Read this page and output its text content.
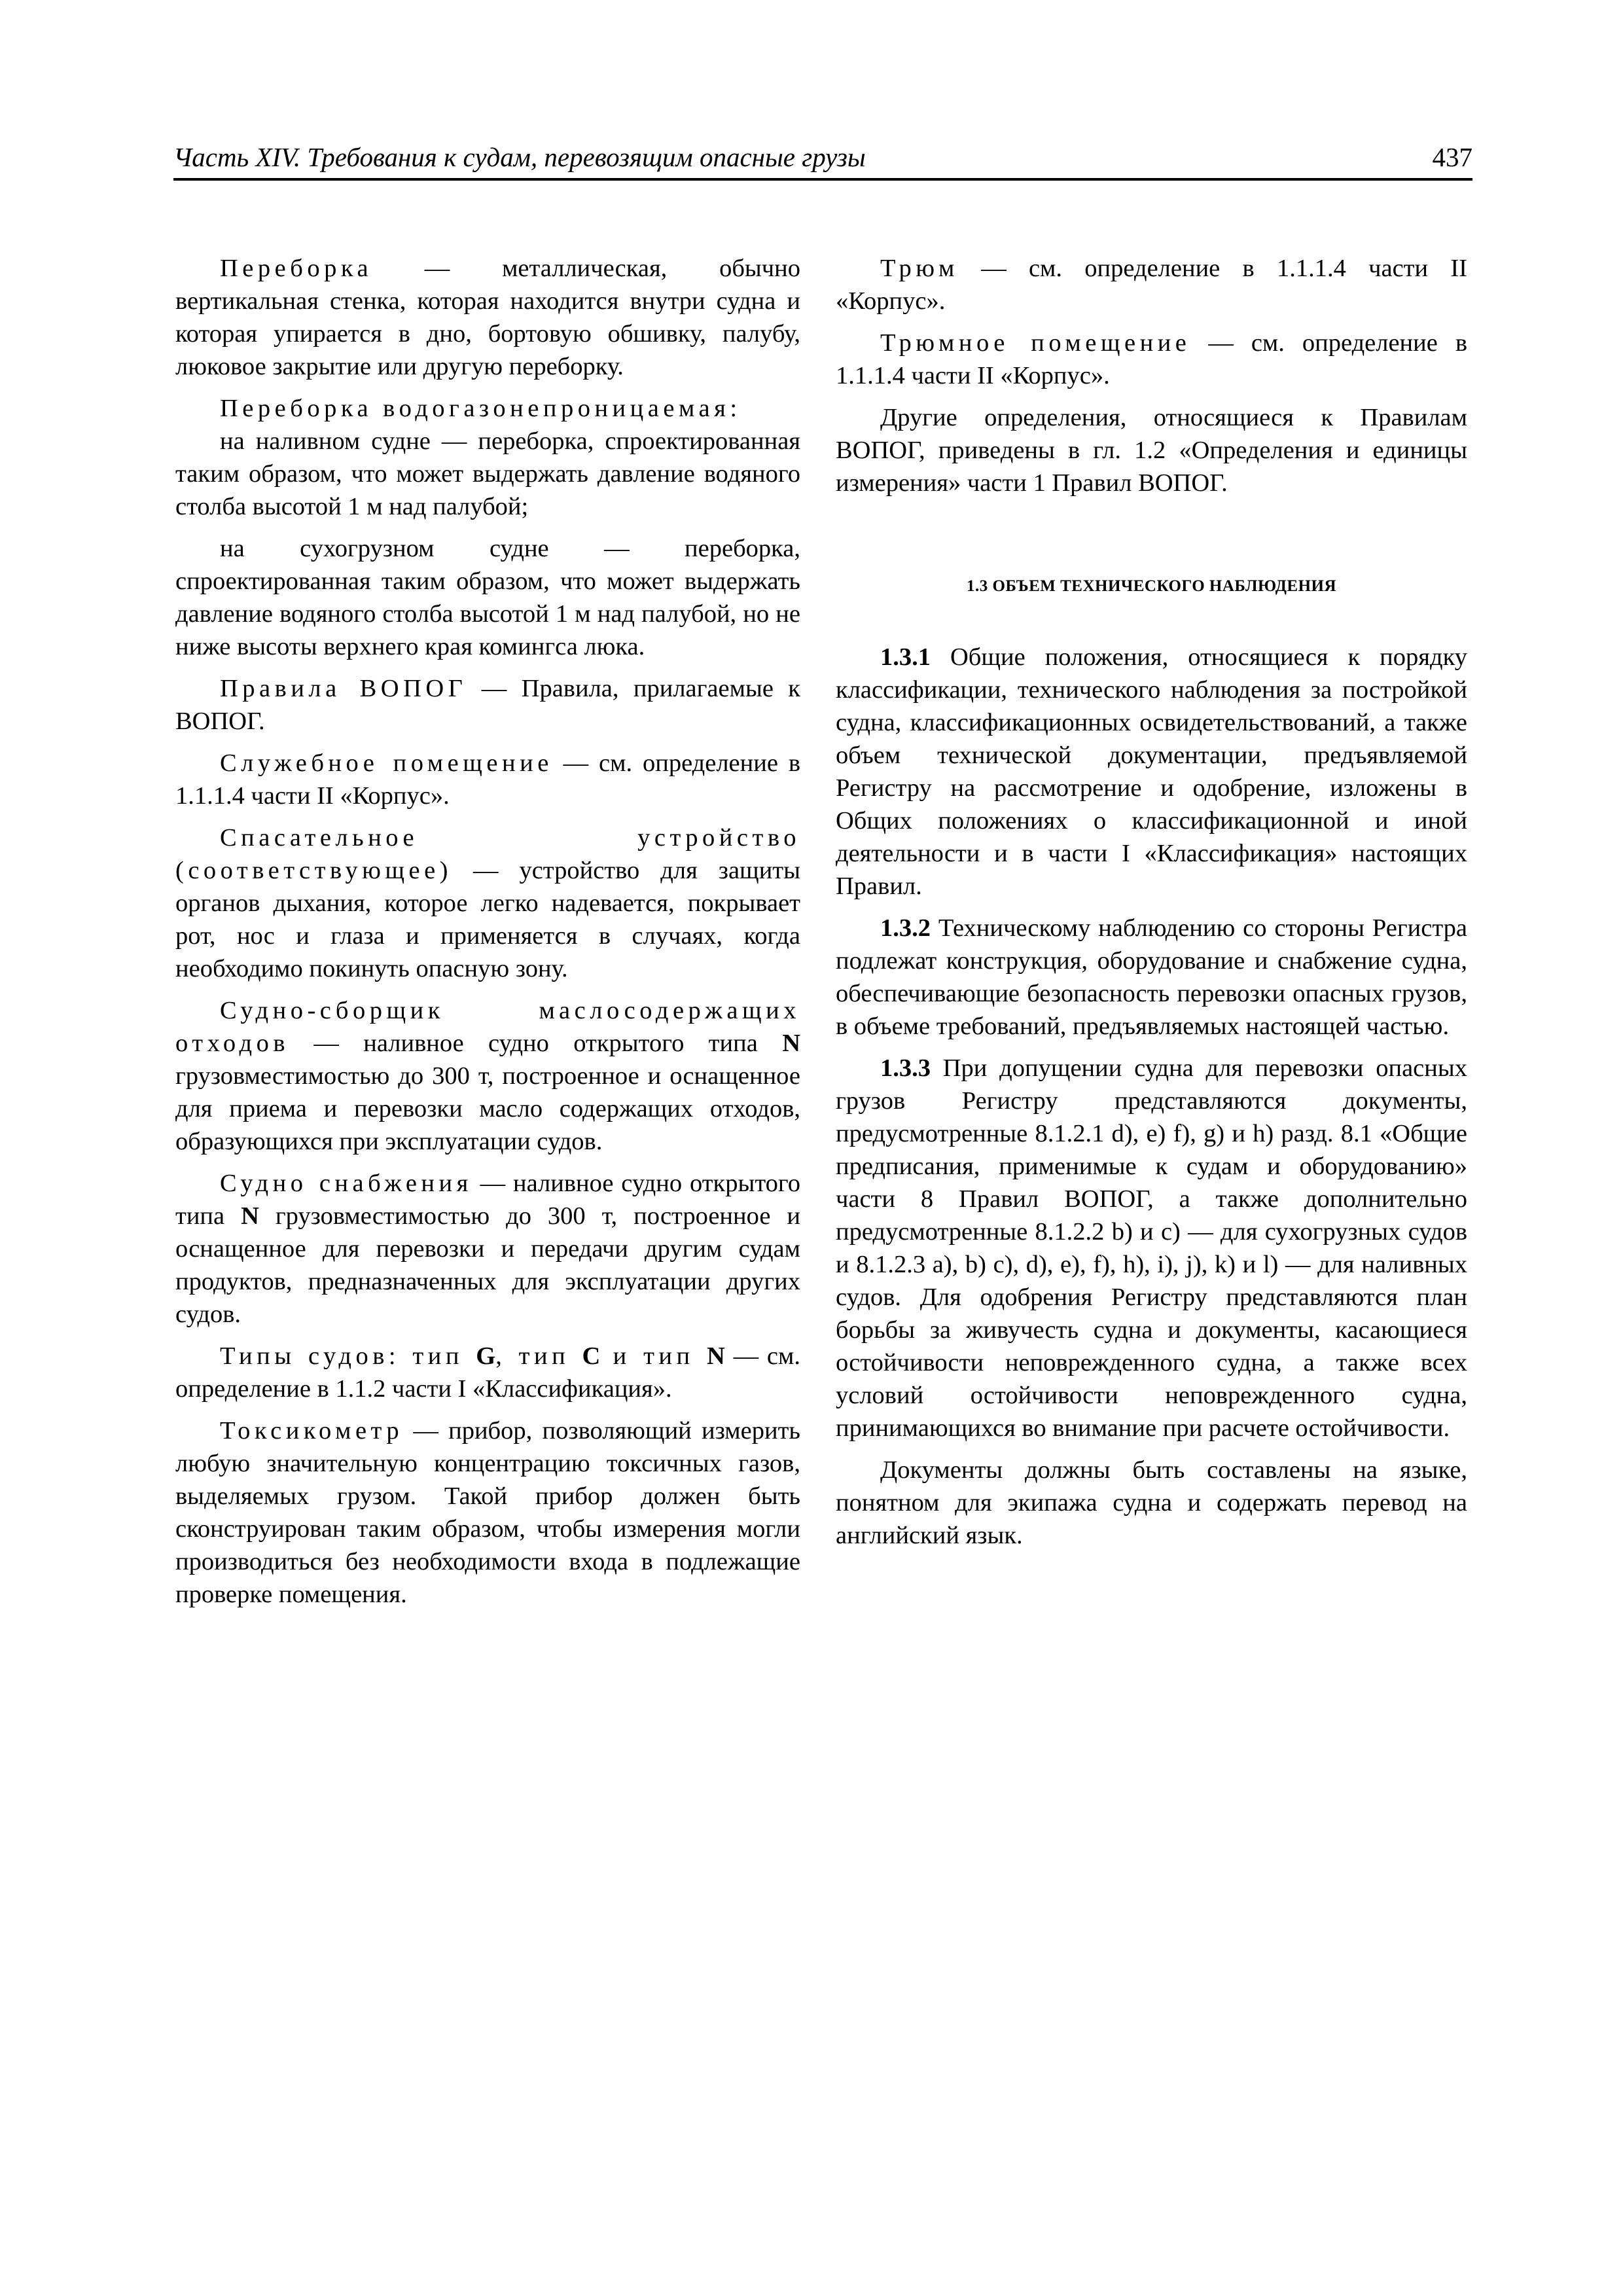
Часть XIV. Требования к судам, перевозящим опасные грузы	437

Переборка — металлическая, обычно вертикальная стенка, которая находится внутри судна и которая упирается в дно, бортовую обшивку, палубу, люковое закрытие или другую переборку.

Переборка водогазонепроницаемая:

на наливном судне — переборка, спроектированная таким образом, что может выдержать давление водяного столба высотой 1 м над палубой;

на сухогрузном судне — переборка, спроектированная таким образом, что может выдержать давление водяного столба высотой 1 м над палубой, но не ниже высоты верхнего края комингса люка.

Правила ВОПОГ — Правила, прилагаемые к ВОПОГ.

Служебное помещение — см. определение в 1.1.1.4 части II «Корпус».

Спасательное устройство (соответствующее) — устройство для защиты органов дыхания, которое легко надевается, покрывает рот, нос и глаза и применяется в случаях, когда необходимо покинуть опасную зону.

Судно-сборщик маслосодержащих отходов — наливное судно открытого типа N грузовместимостью до 300 т, построенное и оснащенное для приема и перевозки масло содержащих отходов, образующихся при эксплуатации судов.

Судно снабжения — наливное судно открытого типа N грузовместимостью до 300 т, построенное и оснащенное для перевозки и передачи другим судам продуктов, предназначенных для эксплуатации других судов.

Типы судов: тип G, тип C и тип N — см. определение в 1.1.2 части I «Классификация».

Токсикометр — прибор, позволяющий измерить любую значительную концентрацию токсичных газов, выделяемых грузом. Такой прибор должен быть сконструирован таким образом, чтобы измерения могли производиться без необходимости входа в подлежащие проверке помещения.

Трюм — см. определение в 1.1.1.4 части II «Корпус».

Трюмное помещение — см. определение в 1.1.1.4 части II «Корпус».

Другие определения, относящиеся к Правилам ВОПОГ, приведены в гл. 1.2 «Определения и единицы измерения» части 1 Правил ВОПОГ.

1.3 ОБЪЕМ ТЕХНИЧЕСКОГО НАБЛЮДЕНИЯ

1.3.1 Общие положения, относящиеся к порядку классификации, технического наблюдения за постройкой судна, классификационных освидетельствований, а также объем технической документации, предъявляемой Регистру на рассмотрение и одобрение, изложены в Общих положениях о классификационной и иной деятельности и в части I «Классификация» настоящих Правил.

1.3.2 Техническому наблюдению со стороны Регистра подлежат конструкция, оборудование и снабжение судна, обеспечивающие безопасность перевозки опасных грузов, в объеме требований, предъявляемых настоящей частью.

1.3.3 При допущении судна для перевозки опасных грузов Регистру представляются документы, предусмотренные 8.1.2.1 d), e) f), g) и h) разд. 8.1 «Общие предписания, применимые к судам и оборудованию» части 8 Правил ВОПОГ, а также дополнительно предусмотренные 8.1.2.2 b) и c) — для сухогрузных судов и 8.1.2.3 a), b) c), d), e), f), h), i), j), k) и l) — для наливных судов. Для одобрения Регистру представляются план борьбы за живучесть судна и документы, касающиеся остойчивости неповрежденного судна, а также всех условий остойчивости неповрежденного судна, принимающихся во внимание при расчете остойчивости.

Документы должны быть составлены на языке, понятном для экипажа судна и содержать перевод на английский язык.
